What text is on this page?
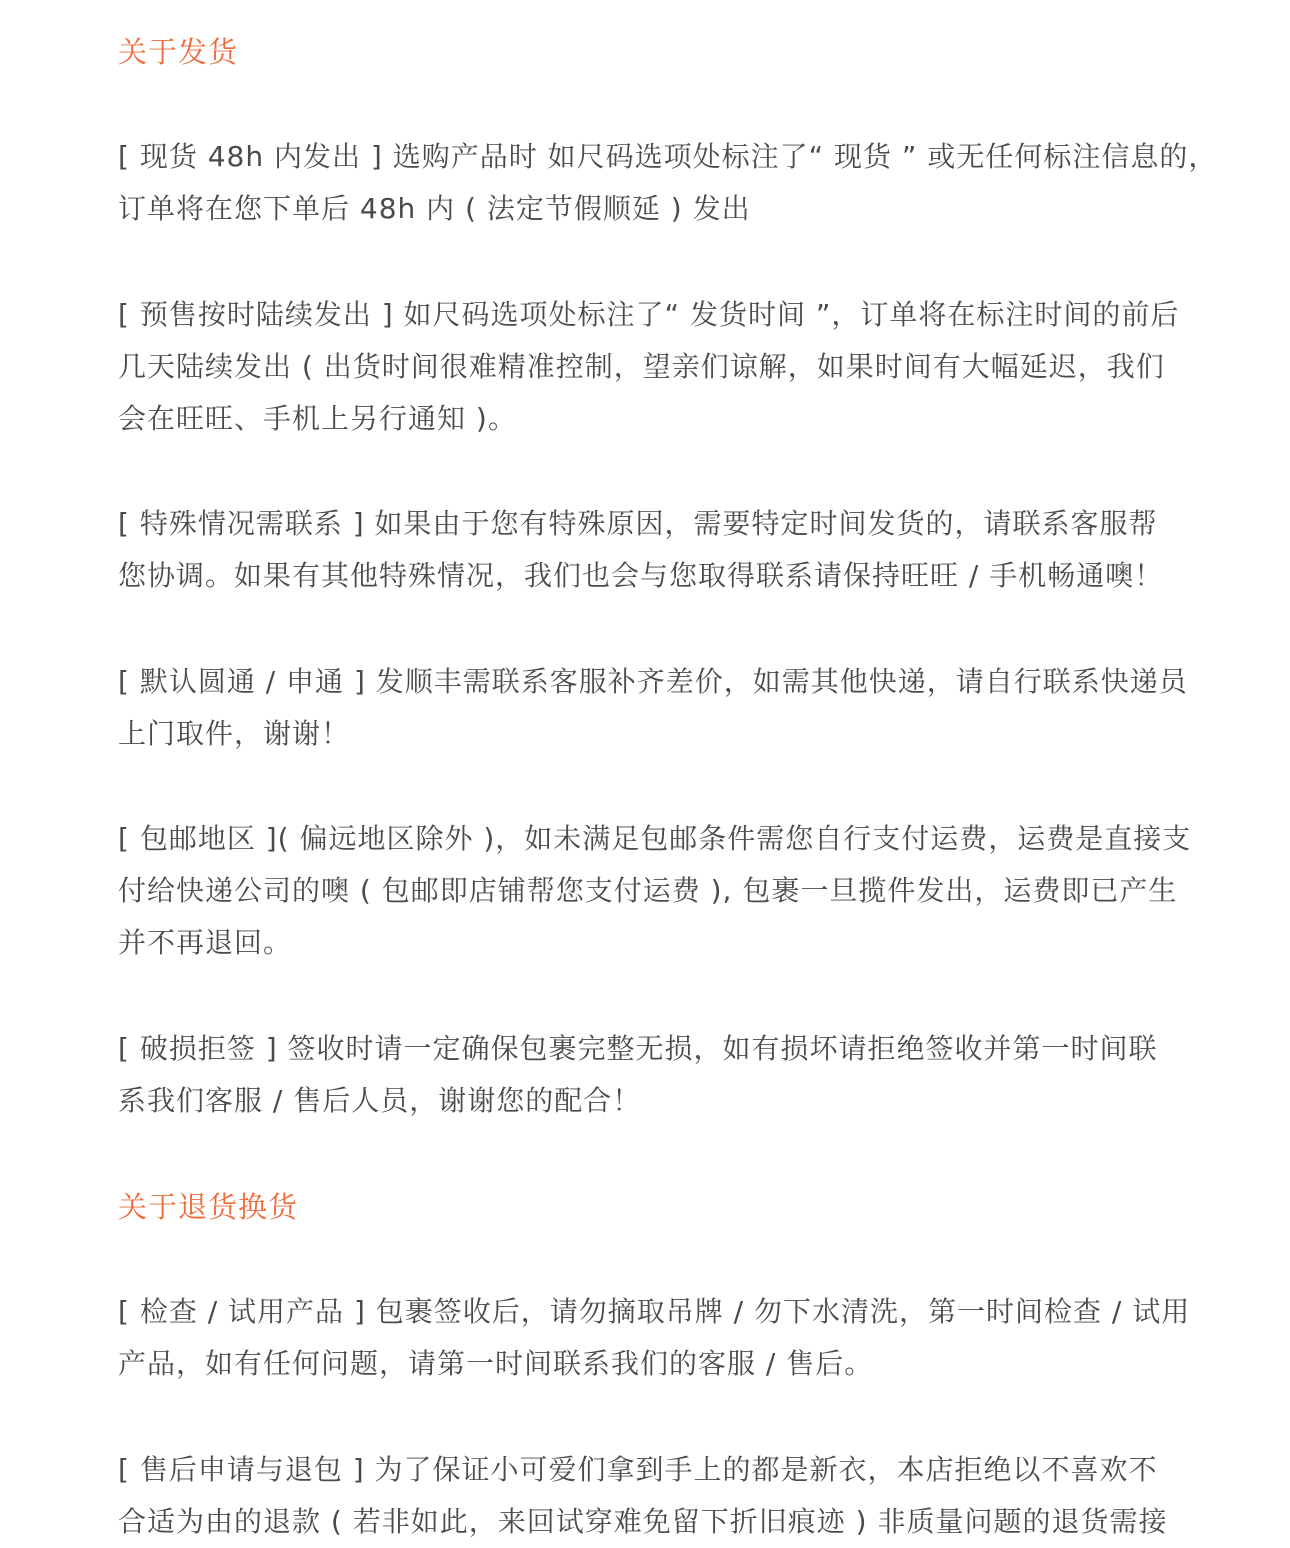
关于发货
[ 现货 48h 内发出 ] 选购产品时 如尺码选项处标注了“ 现货 ” 或无任何标注信息的，
订单将在您下单后 48h 内 ( 法定节假顺延 ) 发出
[ 预售按时陆续发出 ] 如尺码选项处标注了“ 发货时间 ”，订单将在标注时间的前后
几天陆续发出 ( 出货时间很难精准控制，望亲们谅解，如果时间有大幅延迟，我们
会在旺旺、手机上另行通知 )。
[ 特殊情况需联系 ] 如果由于您有特殊原因，需要特定时间发货的，请联系客服帮
您协调。如果有其他特殊情况，我们也会与您取得联系请保持旺旺 / 手机畅通噢！
[ 默认圆通 / 申通 ] 发顺丰需联系客服补齐差价，如需其他快递，请自行联系快递员
上门取件，谢谢！
[ 包邮地区 ]( 偏远地区除外 )，如未满足包邮条件需您自行支付运费，运费是直接支
付给快递公司的噢 ( 包邮即店铺帮您支付运费 ), 包裹一旦揽件发出，运费即已产生
并不再退回。
[ 破损拒签 ] 签收时请一定确保包裹完整无损，如有损坏请拒绝签收并第一时间联
系我们客服 / 售后人员，谢谢您的配合！
关于退货换货
[ 检查 / 试用产品 ] 包裹签收后，请勿摘取吊牌 / 勿下水清洗，第一时间检查 / 试用
产品，如有任何问题，请第一时间联系我们的客服 / 售后。
[ 售后申请与退包 ] 为了保证小可爱们拿到手上的都是新衣，本店拒绝以不喜欢不
合适为由的退款 ( 若非如此，来回试穿难免留下折旧痕迹 ) 非质量问题的退货需接
